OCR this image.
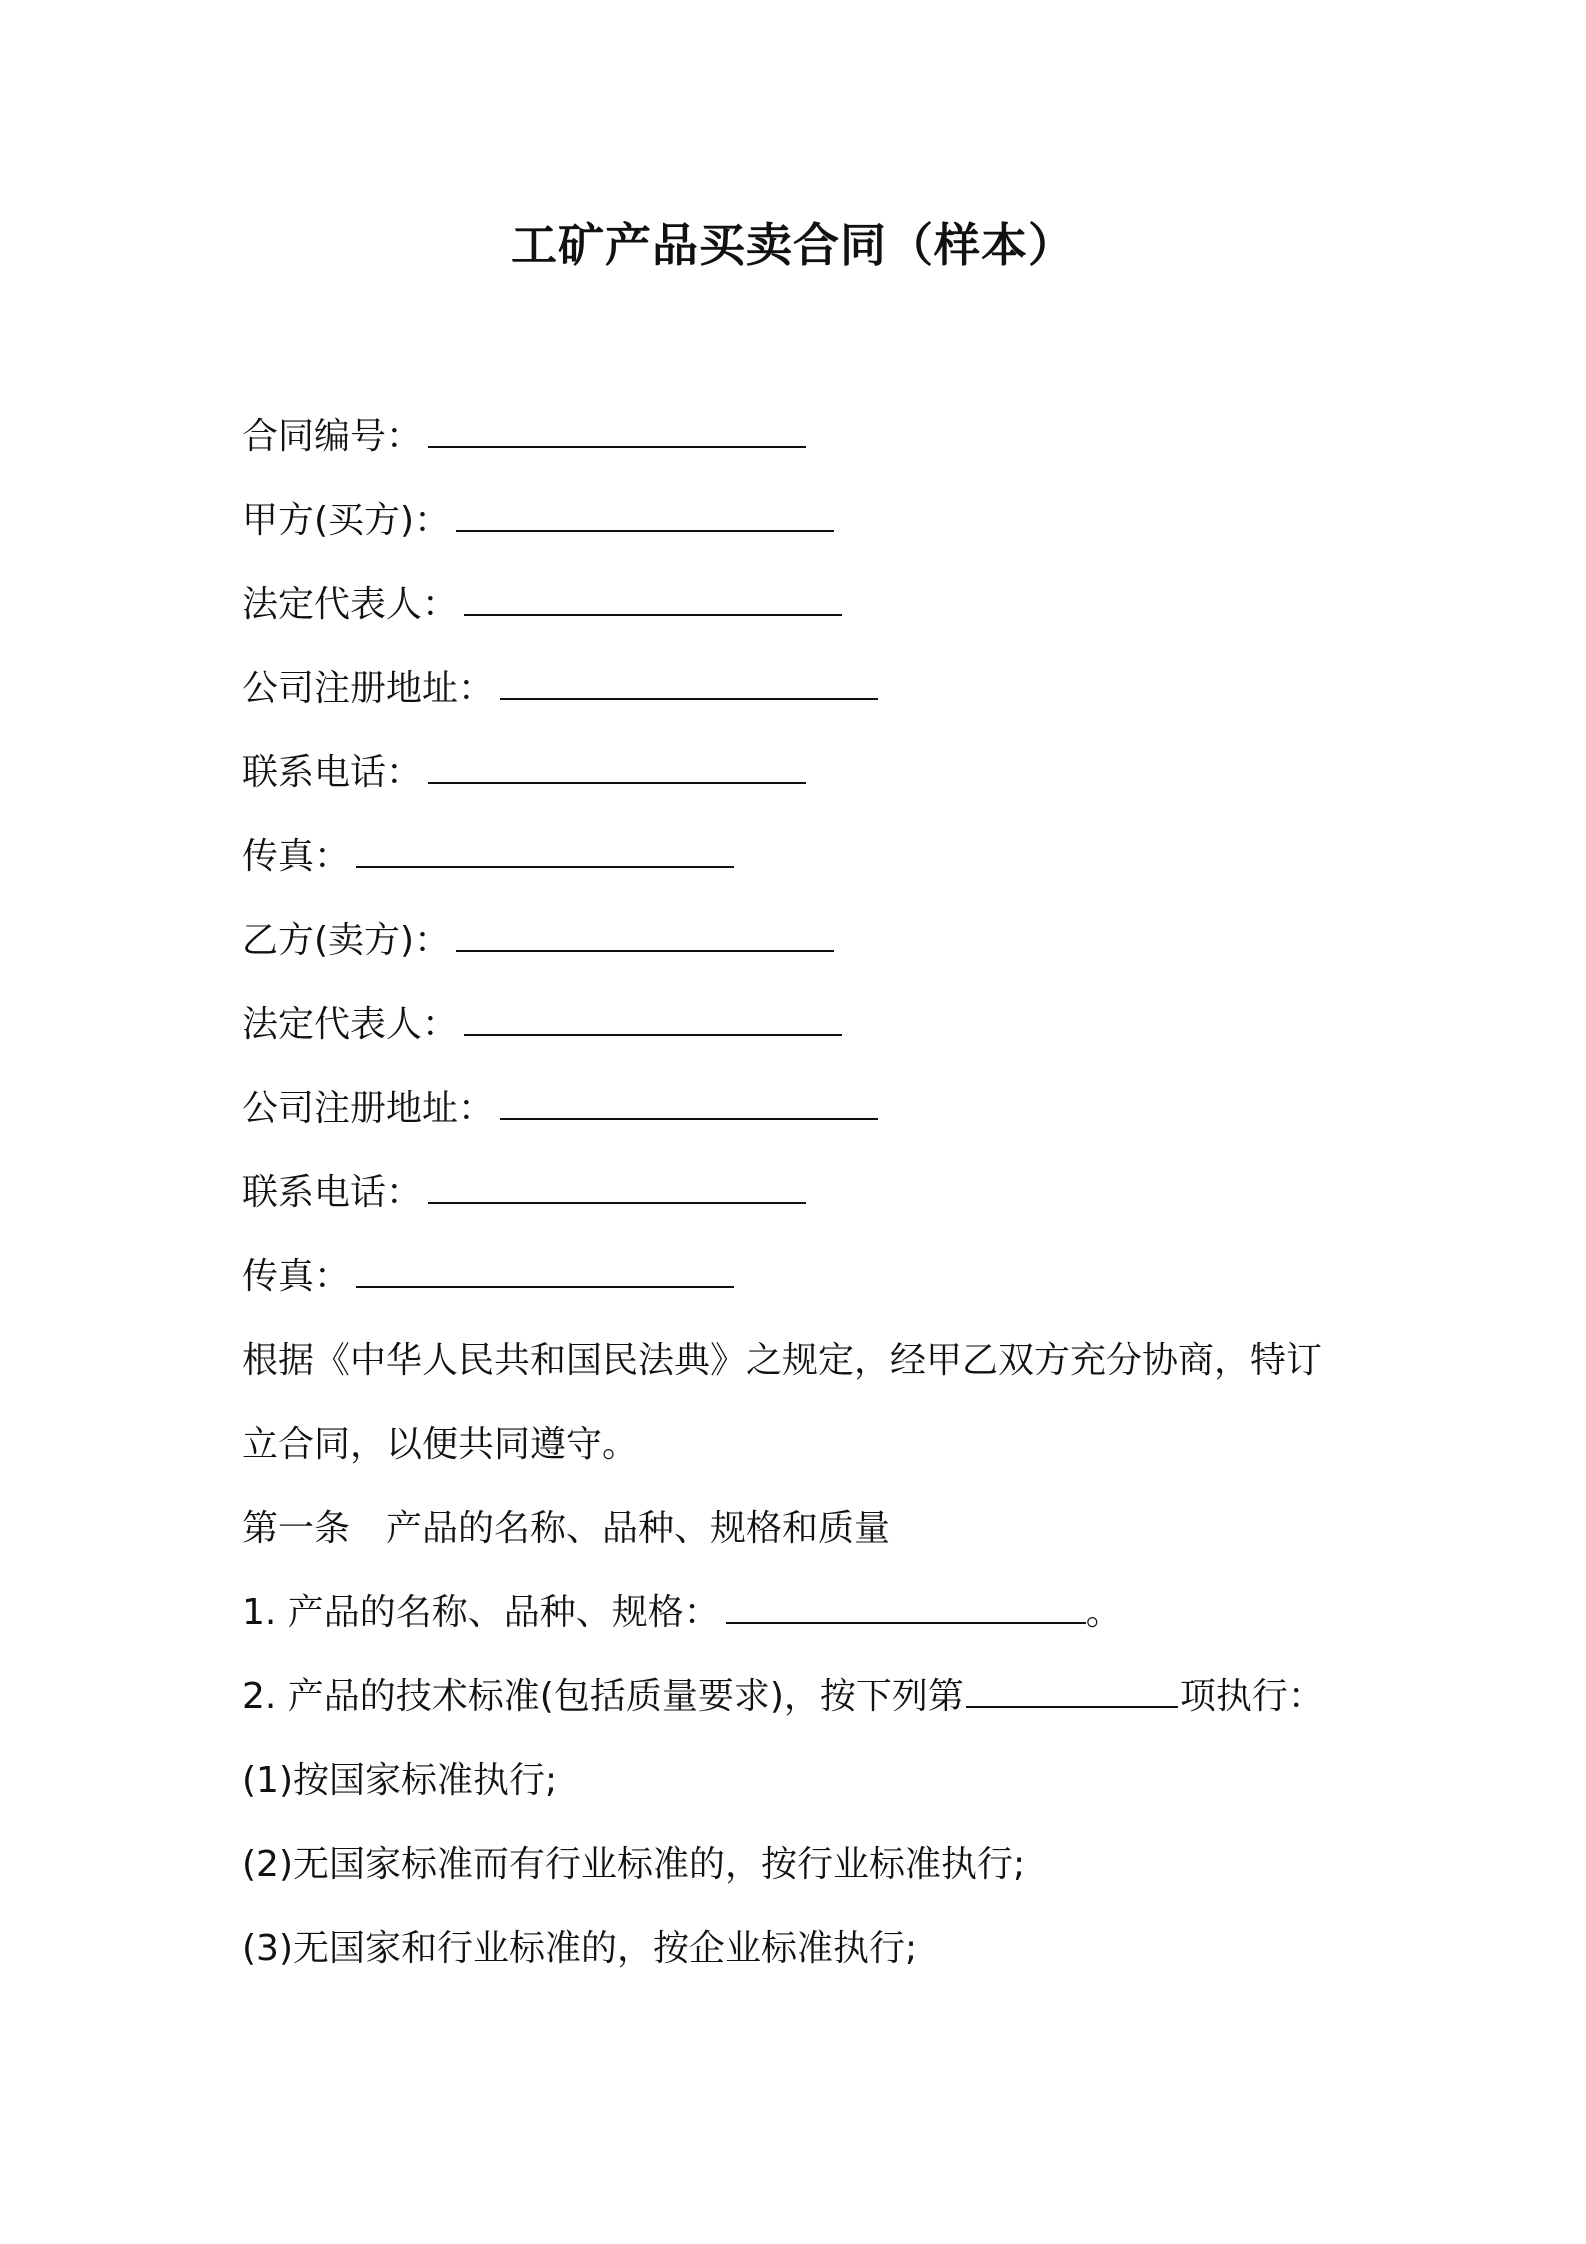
工矿产品买卖合同（样本）
合同编号：
甲方(买方)：
法定代表人：
公司注册地址：
联系电话：
传真：
乙方(卖方)：
法定代表人：
公司注册地址：
联系电话：
传真：
根据《中华人民共和国民法典》之规定，经甲乙双方充分协商，特订
立合同，以便共同遵守。
第一条　产品的名称、品种、规格和质量
1. 产品的名称、品种、规格：	。
2. 产品的技术标准(包括质量要求)，按下列第	项执行：
(1)按国家标准执行;
(2)无国家标准而有行业标准的，按行业标准执行;
(3)无国家和行业标准的，按企业标准执行;
